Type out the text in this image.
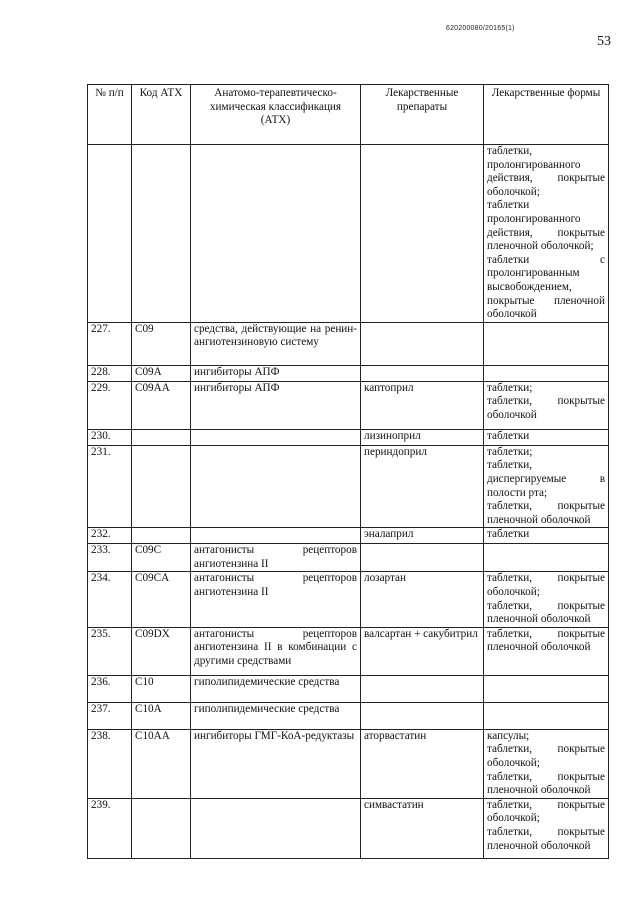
620200080/20165(1)
53
№ п/п	Код АТХ	Анатомо-терапевтическо-химическая классификация (АТХ)	Лекарственные препараты	Лекарственные формы

				таблетки, пролонгированного действия, покрытые оболочкой;
таблетки пролонгированного действия, покрытые пленочной оболочкой;
таблетки с пролонгированным высвобождением, покрытые пленочной оболочкой

227.	C09	средства, действующие на ренин-ангиотензиновую систему		
228.	C09A	ингибиторы АПФ		
229.	C09AA	ингибиторы АПФ	каптоприл	таблетки;
таблетки, покрытые оболочкой

230.			лизиноприл	таблетки

231.			периндоприл	таблетки;
таблетки, диспергируемые в полости рта;
таблетки, покрытые пленочной оболочкой

232.			эналаприл	таблетки

233.	C09C	антагонисты рецепторов ангиотензина II		
234.	C09CA	антагонисты рецепторов ангиотензина II	лозартан	таблетки, покрытые оболочкой;
таблетки, покрытые пленочной оболочкой

235.	C09DX	антагонисты рецепторов ангиотензина II в комбинации с другими средствами	валсартан + сакубитрил	таблетки, покрытые пленочной оболочкой

236.	C10	гиполипидемические средства		
237.	C10A	гиполипидемические средства		
238.	C10AA	ингибиторы ГМГ-КоА-редуктазы	аторвастатин	капсулы;
таблетки, покрытые оболочкой;
таблетки, покрытые пленочной оболочкой

239.			симвастатин	таблетки, покрытые оболочкой;
таблетки, покрытые пленочной оболочкой
